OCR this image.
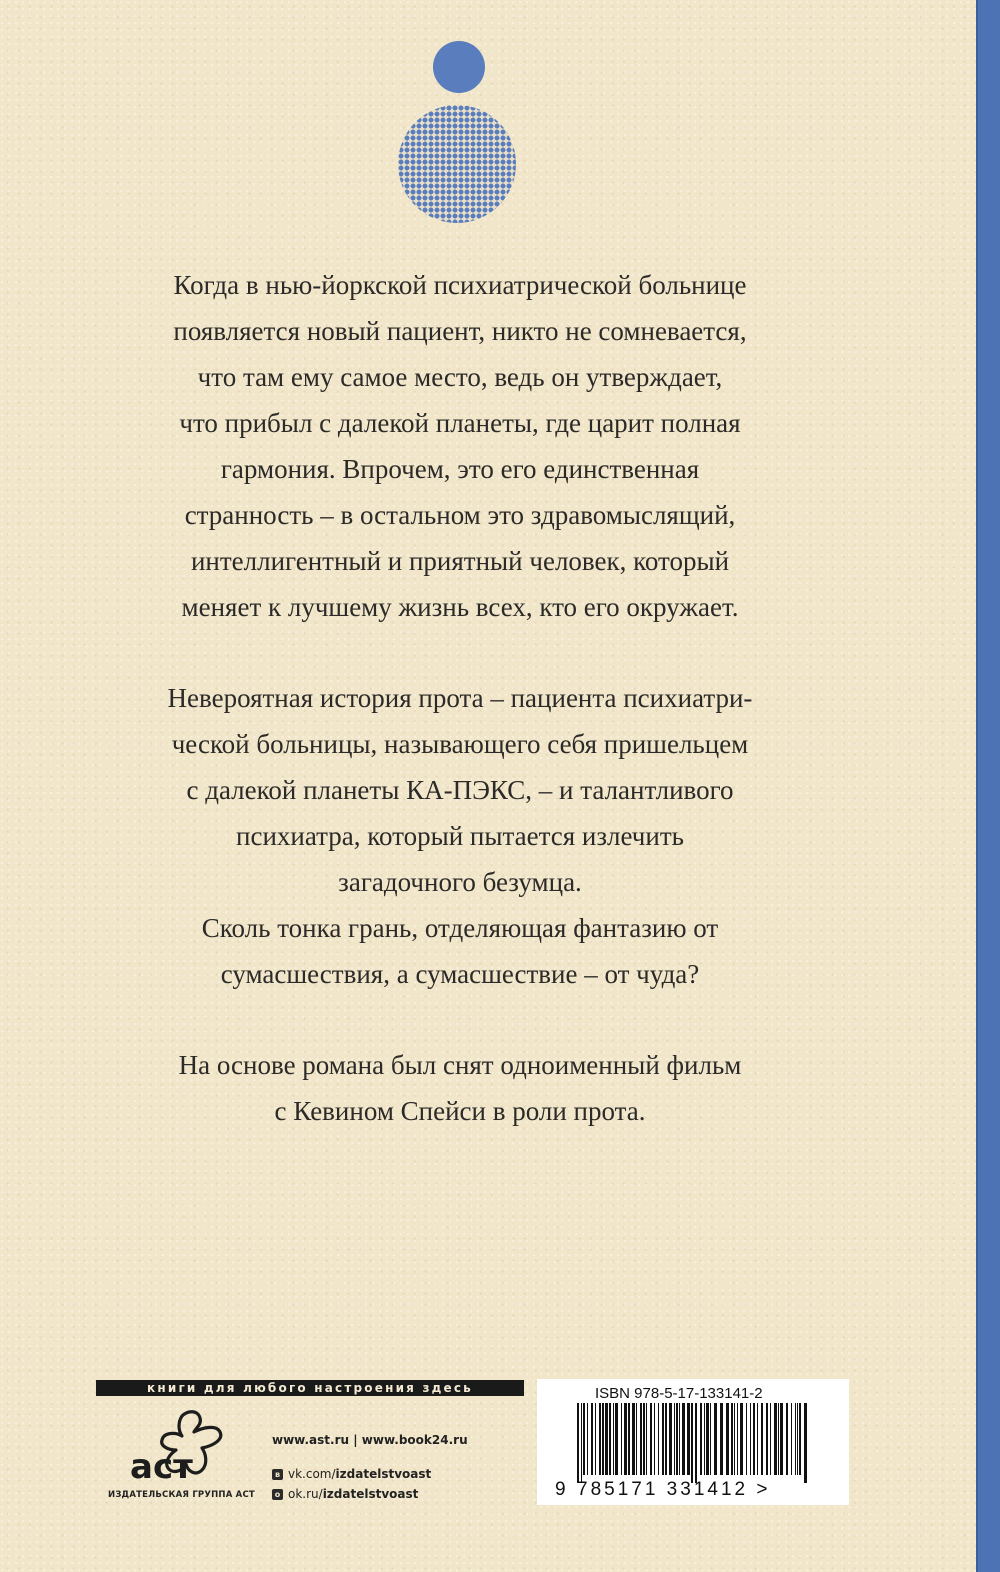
Когда в нью-йоркской психиатрической больнице
появляется новый пациент, никто не сомневается,
что там ему самое место, ведь он утверждает,
что прибыл с далекой планеты, где царит полная
гармония. Впрочем, это его единственная
странность – в остальном это здравомыслящий,
интеллигентный и приятный человек, который
меняет к лучшему жизнь всех, кто его окружает.
Невероятная история прота – пациента психиатри-
ческой больницы, называющего себя пришельцем
с далекой планеты КА-ПЭКС, – и талантливого
психиатра, который пытается излечить
загадочного безумца.
Сколь тонка грань, отделяющая фантазию от
сумасшествия, а сумасшествие – от чуда?
На основе романа был снят одноименный фильм
с Кевином Спейси в роли прота.
книги для любого настроения здесь
аст
ИЗДАТЕЛЬСКАЯ ГРУППА АСТ
www.ast.ru | www.book24.ru
в vk.com/izdatelstvoast
о ok.ru/izdatelstvoast
ISBN 978-5-17-133141-2
9 785171 331412 >
